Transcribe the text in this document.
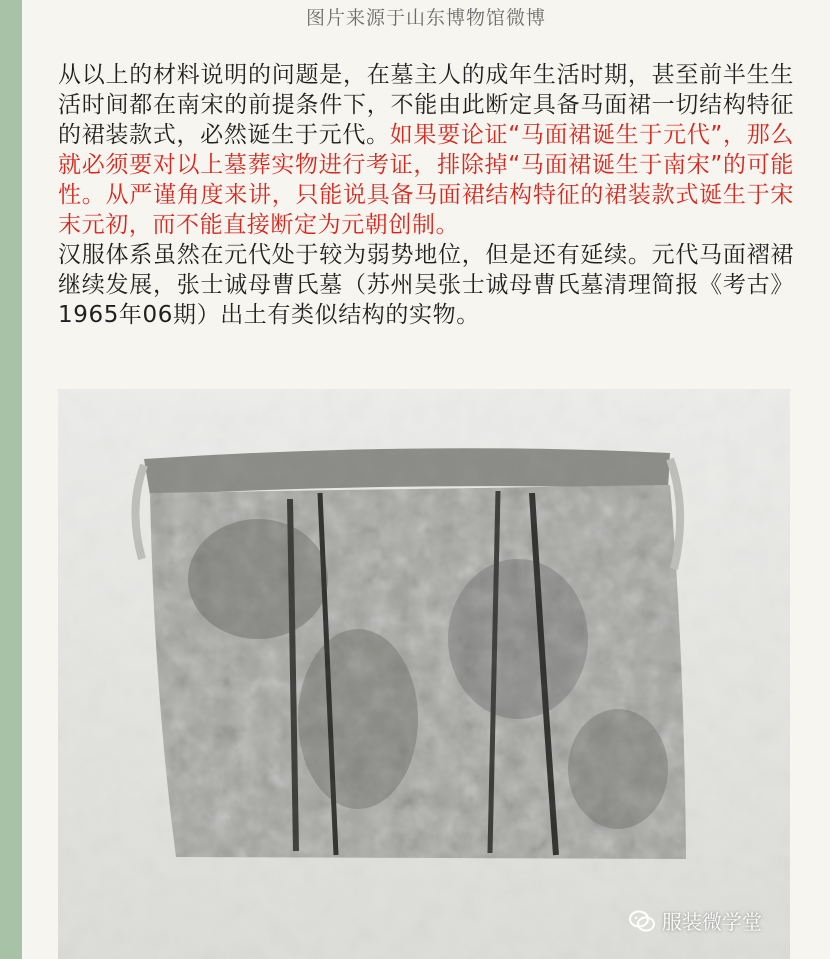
图片来源于山东博物馆微博

从以上的材料说明的问题是，在墓主人的成年生活时期，甚至前半生生活时间都在南宋的前提条件下，不能由此断定具备马面裙一切结构特征的裙装款式，必然诞生于元代。如果要论证“马面裙诞生于元代”，那么就必须要对以上墓葬实物进行考证，排除掉“马面裙诞生于南宋”的可能性。从严谨角度来讲，只能说具备马面裙结构特征的裙装款式诞生于宋末元初，而不能直接断定为元朝创制。

汉服体系虽然在元代处于较为弱势地位，但是还有延续。元代马面褶裙继续发展，张士诚母曹氏墓（苏州吴张士诚母曹氏墓清理简报《考古》1965年06期）出土有类似结构的实物。

服装微学堂
